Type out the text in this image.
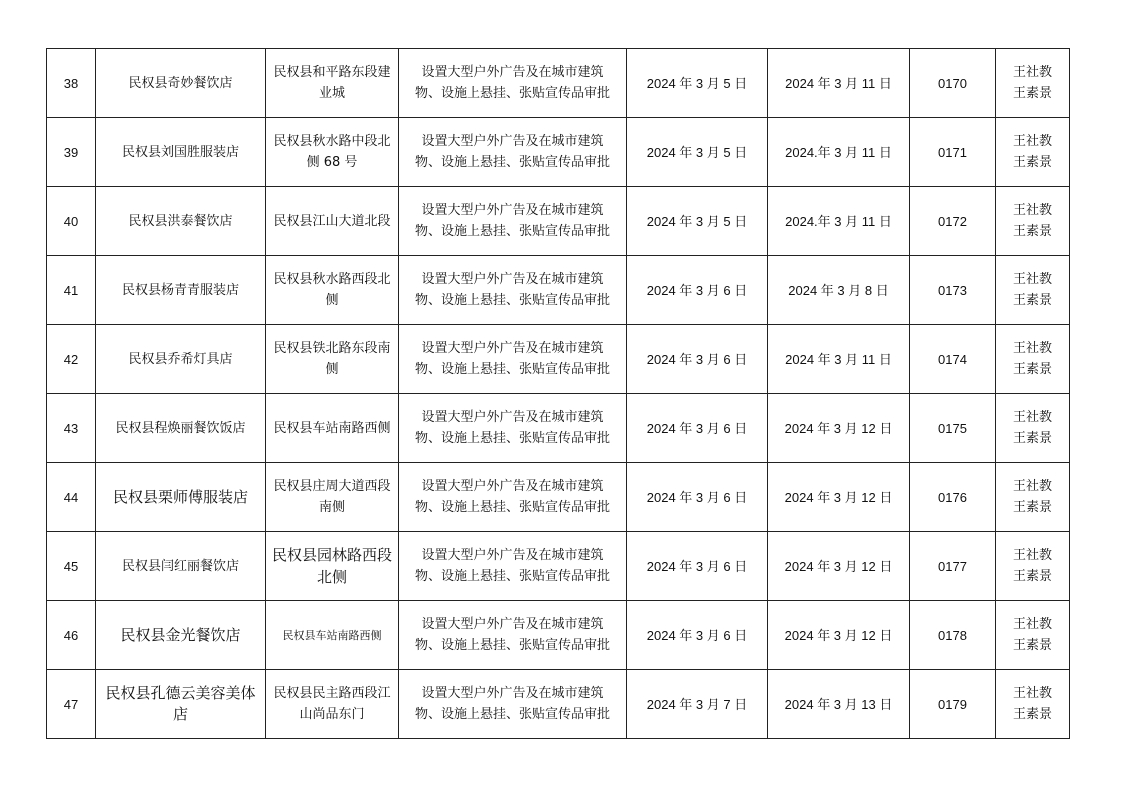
38	民权县奇妙餐饮店	民权县和平路东段建
业城	设置大型户外广告及在城市建筑
物、设施上悬挂、张贴宣传品审批	2024 年 3 月 5 日	2024 年 3 月 11 日	0170	王社教
王素景

39	民权县刘国胜服装店	民权县秋水路中段北
侧 68 号	设置大型户外广告及在城市建筑
物、设施上悬挂、张贴宣传品审批	2024 年 3 月 5 日	2024.年 3 月 11 日	0171	王社教
王素景

40	民权县洪泰餐饮店	民权县江山大道北段	设置大型户外广告及在城市建筑
物、设施上悬挂、张贴宣传品审批	2024 年 3 月 5 日	2024.年 3 月 11 日	0172	王社教
王素景

41	民权县杨青青服装店	民权县秋水路西段北
侧	设置大型户外广告及在城市建筑
物、设施上悬挂、张贴宣传品审批	2024 年 3 月 6 日	2024 年 3 月 8 日	0173	王社教
王素景

42	民权县乔希灯具店	民权县铁北路东段南
侧	设置大型户外广告及在城市建筑
物、设施上悬挂、张贴宣传品审批	2024 年 3 月 6 日	2024 年 3 月 11 日	0174	王社教
王素景

43	民权县程焕丽餐饮饭店	民权县车站南路西侧	设置大型户外广告及在城市建筑
物、设施上悬挂、张贴宣传品审批	2024 年 3 月 6 日	2024 年 3 月 12 日	0175	王社教
王素景

44	民权县栗师傅服装店	民权县庄周大道西段
南侧	设置大型户外广告及在城市建筑
物、设施上悬挂、张贴宣传品审批	2024 年 3 月 6 日	2024 年 3 月 12 日	0176	王社教
王素景

45	民权县闫红丽餐饮店	民权县园林路西段
北侧	设置大型户外广告及在城市建筑
物、设施上悬挂、张贴宣传品审批	2024 年 3 月 6 日	2024 年 3 月 12 日	0177	王社教
王素景

46	民权县金光餐饮店	民权县车站南路西侧	设置大型户外广告及在城市建筑
物、设施上悬挂、张贴宣传品审批	2024 年 3 月 6 日	2024 年 3 月 12 日	0178	王社教
王素景

47	民权县孔德云美容美体店	民权县民主路西段江
山尚品东门	设置大型户外广告及在城市建筑
物、设施上悬挂、张贴宣传品审批	2024 年 3 月 7 日	2024 年 3 月 13 日	0179	王社教
王素景
